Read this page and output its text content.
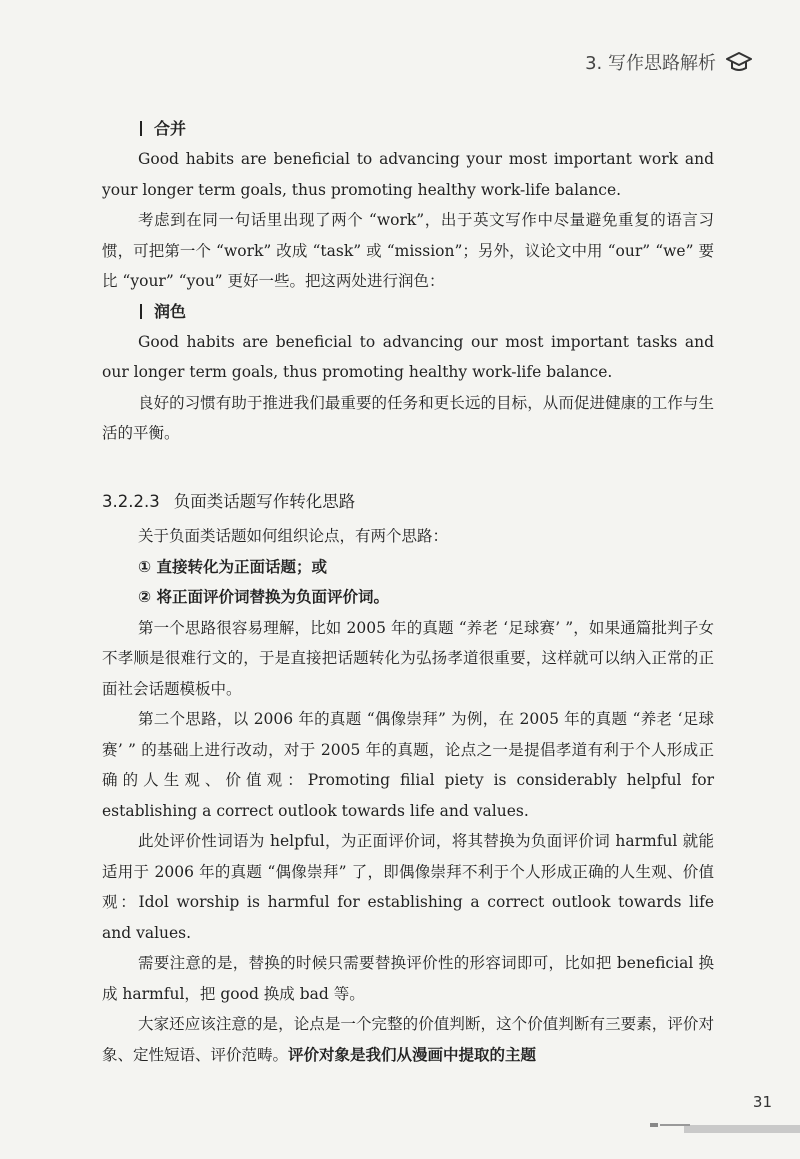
3. 写作思路解析
合并

Good habits are beneficial to advancing your most important work and your longer term goals, thus promoting healthy work-life balance.

考虑到在同一句话里出现了两个 “work”，出于英文写作中尽量避免重复的语言习惯，可把第一个 “work” 改成 “task” 或 “mission”；另外，议论文中用 “our” “we” 要比 “your” “you” 更好一些。把这两处进行润色：

润色

Good habits are beneficial to advancing our most important tasks and our longer term goals, thus promoting healthy work-life balance.

良好的习惯有助于推进我们最重要的任务和更长远的目标，从而促进健康的工作与生活的平衡。

3.2.2.3 负面类话题写作转化思路

关于负面类话题如何组织论点，有两个思路：

① 直接转化为正面话题；或

② 将正面评价词替换为负面评价词。

第一个思路很容易理解，比如 2005 年的真题 “养老 ‘足球赛’ ”，如果通篇批判子女不孝顺是很难行文的，于是直接把话题转化为弘扬孝道很重要，这样就可以纳入正常的正面社会话题模板中。

第二个思路，以 2006 年的真题 “偶像崇拜” 为例，在 2005 年的真题 “养老 ‘足球赛’ ” 的基础上进行改动，对于 2005 年的真题，论点之一是提倡孝道有利于个人形成正确的人生观、价值观：Promoting filial piety is considerably helpful for establishing a correct outlook towards life and values.

此处评价性词语为 helpful，为正面评价词，将其替换为负面评价词 harmful 就能适用于 2006 年的真题 “偶像崇拜” 了，即偶像崇拜不利于个人形成正确的人生观、价值观：Idol worship is harmful for establishing a correct outlook towards life and values.

需要注意的是，替换的时候只需要替换评价性的形容词即可，比如把 beneficial 换成 harmful，把 good 换成 bad 等。

大家还应该注意的是，论点是一个完整的价值判断，这个价值判断有三要素，评价对象、定性短语、评价范畴。评价对象是我们从漫画中提取的主题

31
